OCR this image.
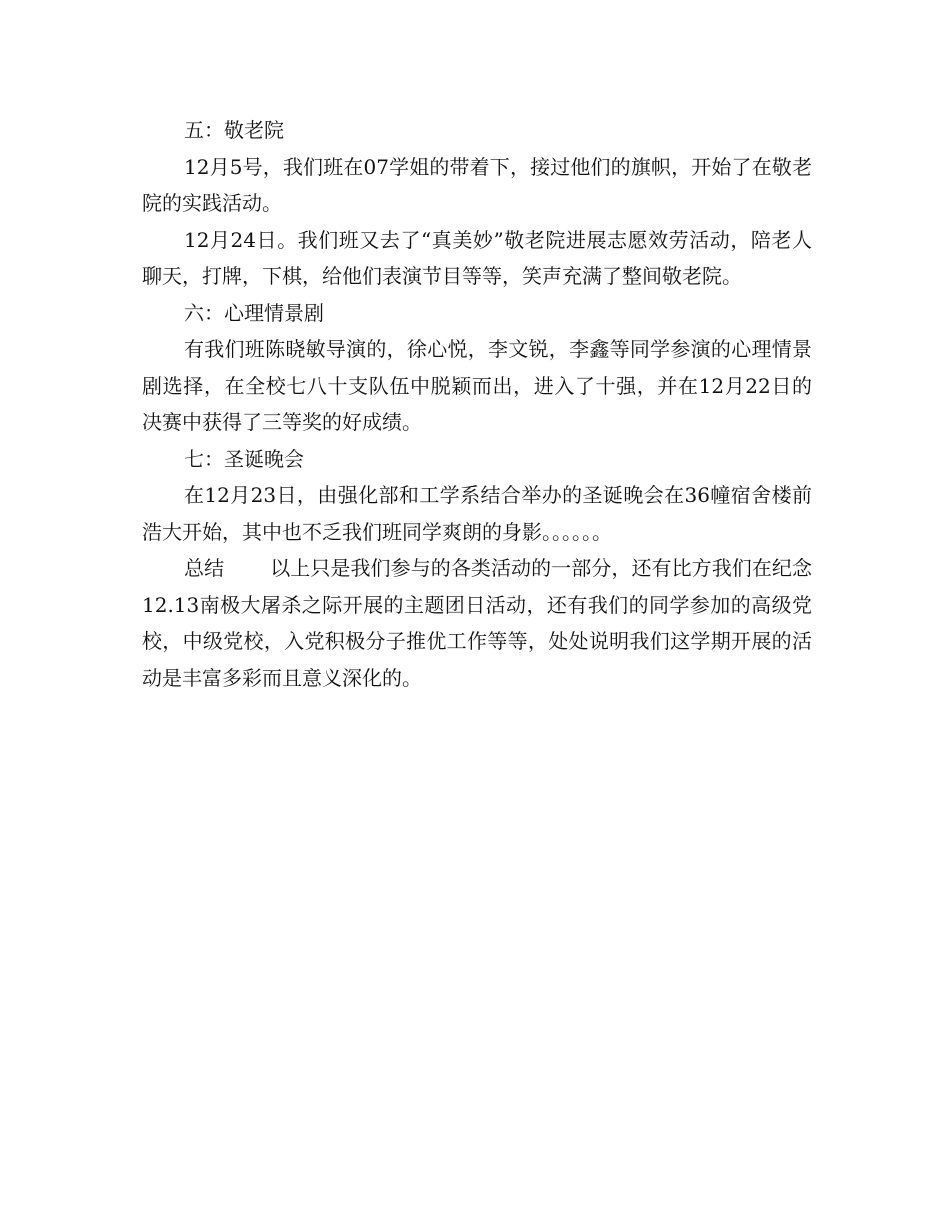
五：敬老院

12月5号，我们班在07学姐的带着下，接过他们的旗帜，开始了在敬老院的实践活动。

12月24日。我们班又去了“真美妙”敬老院进展志愿效劳活动，陪老人聊天，打牌，下棋，给他们表演节目等等，笑声充满了整间敬老院。

六：心理情景剧

有我们班陈晓敏导演的，徐心悦，李文锐，李鑫等同学参演的心理情景剧选择，在全校七八十支队伍中脱颖而出，进入了十强，并在12月22日的决赛中获得了三等奖的好成绩。

七：圣诞晚会

在12月23日，由强化部和工学系结合举办的圣诞晚会在36幢宿舍楼前浩大开始，其中也不乏我们班同学爽朗的身影。。。。。。

总结 以上只是我们参与的各类活动的一部分，还有比方我们在纪念12.13南极大屠杀之际开展的主题团日活动，还有我们的同学参加的高级党校，中级党校，入党积极分子推优工作等等，处处说明我们这学期开展的活动是丰富多彩而且意义深化的。
